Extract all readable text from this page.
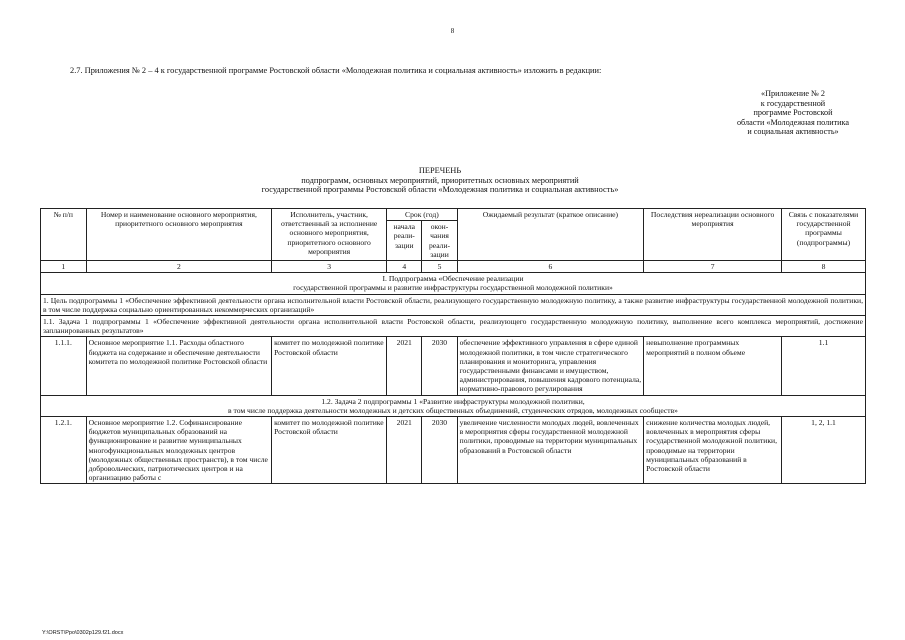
8
2.7. Приложения № 2 – 4 к государственной программе Ростовской области «Молодежная политика и социальная активность» изложить в редакции:
«Приложение № 2
к государственной
программе Ростовской
области «Молодежная политика
и социальная активность»
ПЕРЕЧЕНЬ
подпрограмм, основных мероприятий, приоритетных основных мероприятий
государственной программы Ростовской области «Молодежная политика и социальная активность»
№ п/п	Номер и наименование основного мероприятия, приоритетного основного мероприятия	Исполнитель, участник, ответственный за исполнение основного мероприятия, приоритетного основного мероприятия	Срок (год)		Ожидаемый результат (краткое описание)	Последствия нереализации основного мероприятия	Связь с показателями государственной программы (подпрограммы)
			начала реали-зации	окон-чания реали-зации			
1	2	3	4	5	6	7	8

I. Подпрограмма «Обеспечение реализации
государственной программы и развитие инфраструктуры государственной молодежной политики»							

1. Цель подпрограммы 1 «Обеспечение эффективной деятельности органа исполнительной власти Ростовской области, реализующего государственную молодежную политику, а также развитие инфраструктуры государственной молодежной политики, в том числе поддержка социально ориентированных некоммерческих организаций»							
1.1. Задача 1 подпрограммы 1 «Обеспечение эффективной деятельности органа исполнительной власти Ростовской области, реализующего государственную молодежную политику, выполнение всего комплекса мероприятий, достижение запланированных результатов»							
1.1.1.	Основное мероприятие 1.1. Расходы областного бюджета на содержание и обеспечение деятельности комитета по молодежной политике Ростовской области	комитет по молодежной политике Ростовской области	2021	2030	обеспечение эффективного управления в сфере единой молодежной политики, в том числе стратегического планирования и мониторинга, управления государственными финансами и имуществом, администрирования, повышения кадрового потенциала, нормативно-правового регулирования	невыполнение программных мероприятий в полном объеме	1.1

1.2. Задача 2 подпрограммы 1 «Развитие инфраструктуры молодежной политики,
в том числе поддержка деятельности молодежных и детских общественных объединений, студенческих отрядов, молодежных сообществ»							

1.2.1.	Основное мероприятие 1.2. Софинансирование бюджетов муниципальных образований на функционирование и развитие муниципальных многофункциональных молодежных центров (молодежных общественных пространств), в том числе добровольческих, патриотических центров и на организацию работы с	комитет по молодежной политике Ростовской области	2021	2030	увеличение численности молодых людей, вовлеченных в мероприятия сферы государственной молодежной политики, проводимые на территории муниципальных образований в Ростовской области	снижение количества молодых людей, вовлеченных в мероприятия сферы государственной молодежной политики, проводимые на территории муниципальных образований в Ростовской области	1, 2, 1.1
Y:\ORST\Ppo\0302p129.f21.docx
